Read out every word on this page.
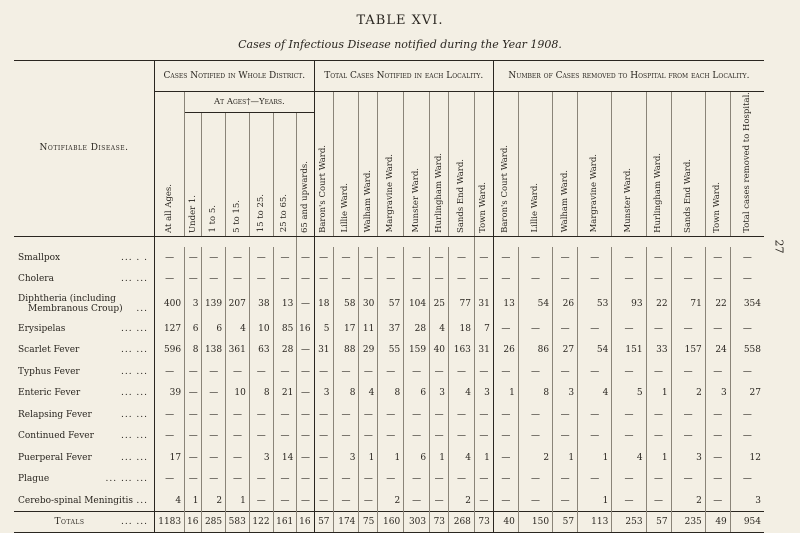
TABLE XVI.
Cases of Infectious Disease notified during the Year 1908.
27
Notifiable Disease.	Cases Notified in Whole District.							Total Cases Notified in each Locality.								Number of Cases removed to Hospital from each Locality.								

	At all Ages.	At Ages†—Years.						Baron's Court Ward.	Lillie Ward.	Walham Ward.	Margravine Ward.	Munster Ward.	Hurlingham Ward.	Sands End Ward.	Town Ward.	Baron's Court Ward.	Lillie Ward.	Walham Ward.	Margravine Ward.	Munster Ward.	Hurlingham Ward.	Sands End Ward.	Town Ward.	Total cases removed to Hospital.

		Under 1.	1 to 5.	5 to 15.	15 to 25.	25 to 65.	65 and upwards.																	

Smallpox ... . .	—	—	—	—	—	—	—	—	—	—	—	—	—	—	—	—	—	—	—	—	—	—	—	—
Cholera ... ...	—	—	—	—	—	—	—	—	—	—	—	—	—	—	—	—	—	—	—	—	—	—	—	—
Diphtheria (including
Membranous Croup) ...	400	3	139	207	38	13	—	18	58	30	57	104	25	77	31	13	54	26	53	93	22	71	22	354
Erysipelas ... ...	127	6	6	4	10	85	16	5	17	11	37	28	4	18	7	—	—	—	—	—	—	—	—	—
Scarlet Fever ... ...	596	8	138	361	63	28	—	31	88	29	55	159	40	163	31	26	86	27	54	151	33	157	24	558
Typhus Fever ... ...	—	—	—	—	—	—	—	—	—	—	—	—	—	—	—	—	—	—	—	—	—	—	—	—
Enteric Fever ... ...	39	—	—	10	8	21	—	3	8	4	8	6	3	4	3	1	8	3	4	5	1	2	3	27
Relapsing Fever ... ...	—	—	—	—	—	—	—	—	—	—	—	—	—	—	—	—	—	—	—	—	—	—	—	—
Continued Fever ... ...	—	—	—	—	—	—	—	—	—	—	—	—	—	—	—	—	—	—	—	—	—	—	—	—
Puerperal Fever ... ...	17	—	—	—	3	14	—	—	3	1	1	6	1	4	1	—	2	1	1	4	1	3	—	12
Plague ... ... ...	—	—	—	—	—	—	—	—	—	—	—	—	—	—	—	—	—	—	—	—	—	—	—	—
Cerebo-spinal Meningitis ...	4	1	2	1	—	—	—	—	—	—	2	—	—	2	—	—	—	—	1	—	—	2	—	3
Totals ... ...	1183	16	285	583	122	161	16	57	174	75	160	303	73	268	73	40	150	57	113	253	57	235	49	954
